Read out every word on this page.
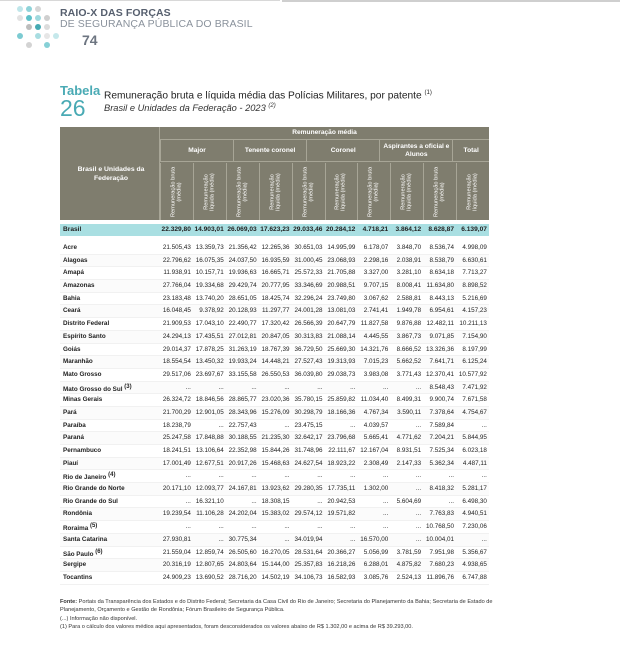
RAIO-X DAS FORÇAS
DE SEGURANÇA PÚBLICA DO BRASIL
74
Tabela
26	Remuneração bruta e líquida média das Polícias Militares, por patente $^{(1)}$
Brasil e Unidades da Federação - 2023 $^{(2)}$
Brasil e Unidades da Federação
Remuneração média
Major	Tenente coronel	Coronel
Aspirantes a oficial e Alunos
Total
Remuneração bruta (média)	Remuneração líquida (média)	Remuneração bruta (média)	Remuneração líquida (média)	Remuneração bruta (média)	Remuneração líquida (média)	Remuneração bruta (média)	Remuneração líquida (média)	Remuneração bruta (média)	Remuneração líquida (média)
Brasil	22.329,80 14.903,01 26.069,03 17.623,23 29.033,46 20.284,12	4.718,21	3.864,12	8.628,87	6.139,07
Acre	21.505,43 13.359,73 21.356,42 12.265,36 30.651,03 14.995,99	6.178,07	3.848,70	8.536,74	4.998,09
Alagoas	22.796,62 16.075,35 24.037,50 16.935,59 31.000,45 23.068,93	2.298,16	2.038,91	8.538,79	6.630,61
Amapá	11.938,91 10.157,71 19.936,63 16.665,71 25.572,33 21.705,88	3.327,00	3.281,10	8.634,18	7.713,27
Amazonas	27.766,04 19.334,68 29.429,74 20.777,95 33.346,69 20.988,51	9.707,15	8.008,41 11.634,80	8.898,52
Bahia	23.183,48 13.740,20 28.651,05 18.425,74 32.296,24 23.749,80	3.067,62	2.588,81	8.443,13	5.216,69
Ceará	16.048,45	9.378,92 20.128,93 11.297,77 24.001,28 13.081,03	2.741,41	1.949,78	6.954,61	4.157,23
Distrito Federal	21.909,53 17.043,10 22.490,77 17.320,42 26.566,39 20.647,79 11.827,58	9.876,88 12.482,11 10.211,13
Espírito Santo	24.294,13 17.435,51 27.012,81 20.847,05 30.313,83 21.088,14	4.445,55	3.867,73	9.071,85	7.154,90
Goiás	29.014,37 17.878,25 31.263,19 18.767,39 36.729,50 25.669,30 14.321,76	8.666,52 13.326,36	8.197,99
Maranhão	18.554,54 13.450,32 19.933,24 14.448,21 27.527,43 19.313,93	7.015,23	5.662,52	7.641,71	6.125,24
Mato Grosso	29.517,06 23.697,67 33.155,58 26.550,53 36.039,80 29.038,73	3.983,08	3.771,43 12.370,41 10.577,92
Mato Grosso do Sul $^{(3)}$	...	...	...	...	...	...	...	...	8.548,43	7.471,92
Minas Gerais	26.324,72 18.846,56 28.865,77 23.020,36 35.780,15 25.859,82 11.034,40	8.499,31	9.900,74	7.671,58
Pará	21.700,29 12.901,05 28.343,96 15.276,09 30.298,79 18.166,36	4.767,34	3.590,11	7.378,64	4.754,67
Paraíba	18.238,79	... 22.757,43	... 23.475,15	...	4.039,57	...	7.589,84	...
Paraná	25.247,58 17.848,88 30.188,55 21.235,30 32.642,17 23.796,68	5.665,41	4.771,62	7.204,21	5.844,95
Pernambuco	18.241,51 13.106,64 22.352,98 15.844,26 31.748,96 22.111,67 12.167,04	8.931,51	7.525,34	6.023,18
Piauí	17.001,49 12.677,51 20.917,26 15.468,63 24.627,54 18.923,22	2.308,49	2.147,33	5.362,34	4.487,11
Rio de Janeiro $^{(4)}$	...	...	...	...	...	...	...	...	...	...
Rio Grande do Norte	20.171,10 12.093,77 24.167,81 13.923,62 29.280,35 17.735,11	1.302,00	...	8.418,32	5.281,17
Rio Grande do Sul	... 16.321,10	... 18.308,15	... 20.942,53	...	5.604,69	...	6.498,30
Rondônia	19.239,54 11.106,28 24.202,04 15.383,02 29.574,12 19.571,82	...	...	7.763,83	4.940,51
Roraima $^{(5)}$	...	...	...	...	...	...	...	... 10.768,50	7.230,06
Santa Catarina	27.930,81	... 30.775,34	... 34.019,94	... 16.570,00	... 10.004,01	...
São Paulo $^{(6)}$	21.559,04 12.859,74 26.505,60 16.270,05 28.531,64 20.366,27	5.056,99	3.781,59	7.951,98	5.356,67
Sergipe	20.316,19 12.807,65 24.803,64 15.144,00 25.357,83 16.218,26	6.288,01	4.875,82	7.680,23	4.938,65
Tocantins	24.909,23 13.690,52 28.716,20 14.502,19 34.106,73 16.582,93	3.085,76	2.524,13 11.896,76	6.747,88
Fonte: Portais da Transparência dos Estados e do Distrito Federal; Secretaria da Casa Civil do Rio de Janeiro; Secretaria do Planejamento da Bahia; Secretaria de Estado de Planejamento, Orçamento e Gestão de Rondônia; Fórum Brasileiro de Segurança Pública.
(...) Informação não disponível.
(1) Para o cálculo dos valores médios aqui apresentados, foram desconsiderados os valores abaixo de R$ 1.302,00 e acima de R$ 39.293,00.
